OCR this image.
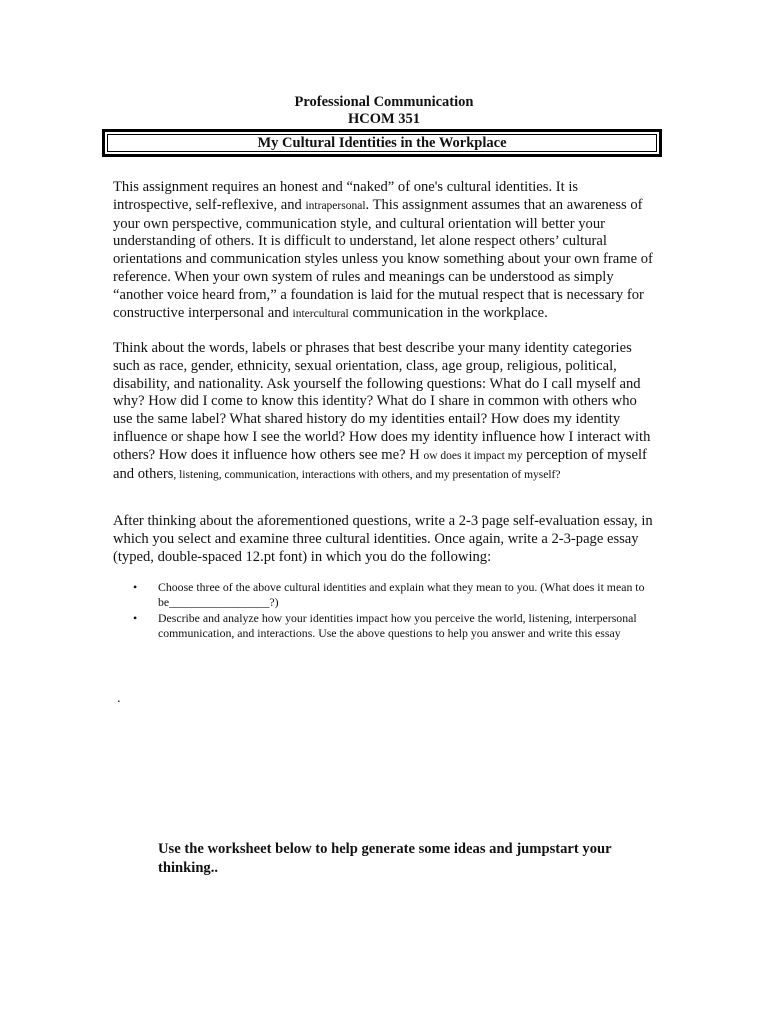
Professional Communication
HCOM 351
My Cultural Identities in the Workplace

This assignment requires an honest and “naked” of one's cultural identities. It is introspective, self-reflexive, and intrapersonal. This assignment assumes that an awareness of your own perspective, communication style, and cultural orientation will better your understanding of others. It is difficult to understand, let alone respect others’ cultural orientations and communication styles unless you know something about your own frame of reference. When your own system of rules and meanings can be understood as simply “another voice heard from,” a foundation is laid for the mutual respect that is necessary for constructive interpersonal and intercultural communication in the workplace.

Think about the words, labels or phrases that best describe your many identity categories such as race, gender, ethnicity, sexual orientation, class, age group, religious, political, disability, and nationality. Ask yourself the following questions: What do I call myself and why? How did I come to know this identity? What do I share in common with others who use the same label? What shared history do my identities entail? How does my identity influence or shape how I see the world? How does my identity influence how I interact with others? How does it influence how others see me? H ow does it impact my perception of myself and others, listening, communication, interactions with others, and my presentation of myself?

After thinking about the aforementioned questions, write a 2-3 page self-evaluation essay, in which you select and examine three cultural identities. Once again, write a 2-3-page essay (typed, double-spaced 12.pt font) in which you do the following:

• Choose three of the above cultural identities and explain what they mean to you. (What does it mean to be_________________?)
• Describe and analyze how your identities impact how you perceive the world, listening, interpersonal communication, and interactions. Use the above questions to help you answer and write this essay
.

Use the worksheet below to help generate some ideas and jumpstart your thinking..
